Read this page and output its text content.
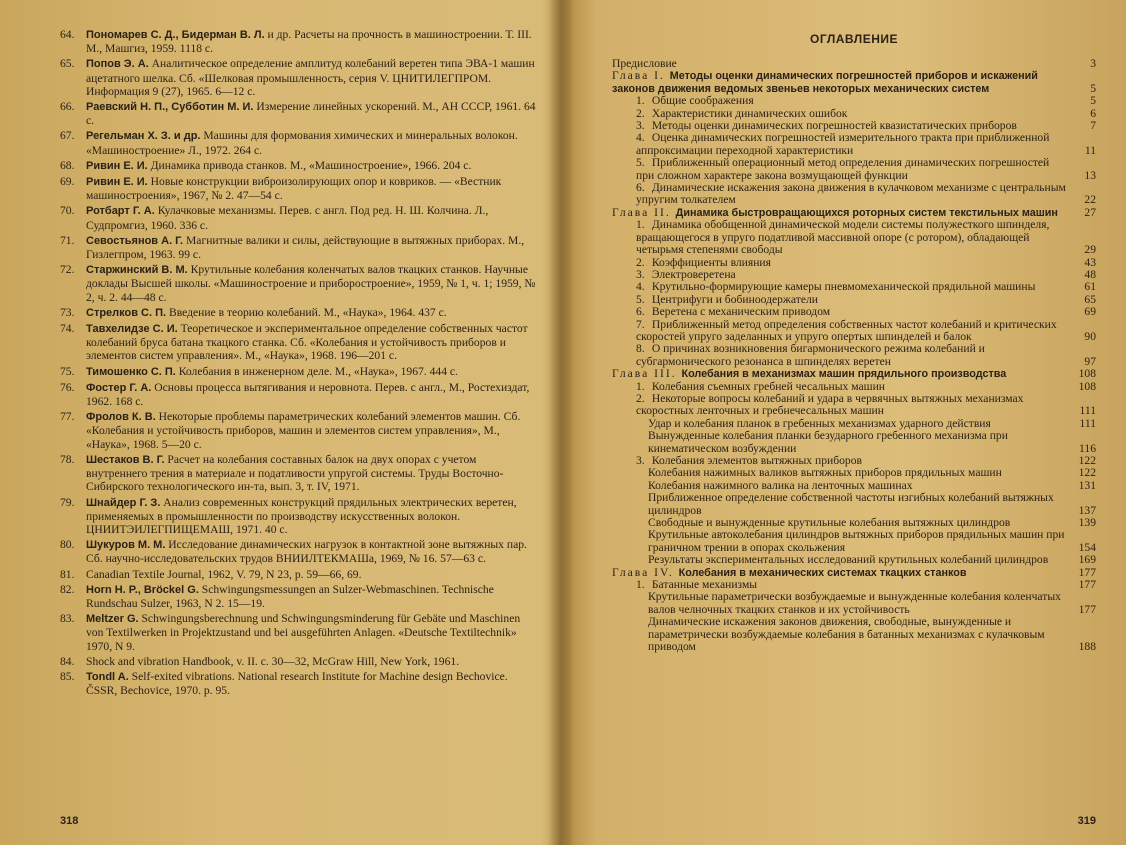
64. Пономарев С. Д., Бидерман В. Л. и др. Расчеты на прочность в машиностроении. Т. III. М., Машгиз, 1959. 1118 с.
65. Попов Э. А. Аналитическое определение амплитуд колебаний веретен типа ЭВА-1 машин ацетатного шелка. Сб. «Шелковая промышленность, серия V. ЦНИТИЛЕГПРОМ. Информация 9 (27), 1965. 6—12 с.
66. Раевский Н. П., Субботин М. И. Измерение линейных ускорений. М., АН СССР, 1961. 64 с.
67. Регельман Х. З. и др. Машины для формования химических и минеральных волокон. «Машиностроение» Л., 1972. 264 с.
68. Ривин Е. И. Динамика привода станков. М., «Машиностроение», 1966. 204 с.
69. Ривин Е. И. Новые конструкции виброизолирующих опор и ковриков. — «Вестник машиностроения», 1967, № 2. 47—54 с.
70. Ротбарт Г. А. Кулачковые механизмы. Перев. с англ. Под ред. Н. Ш. Колчина. Л., Судпромгиз, 1960. 336 с.
71. Севостьянов А. Г. Магнитные валики и силы, действующие в вытяжных приборах. М., Гизлегпром, 1963. 99 с.
72. Старжинский В. М. Крутильные колебания коленчатых валов ткацких станков. Научные доклады Высшей школы. «Машиностроение и приборостроение», 1959, № 1, ч. 1; 1959, № 2, ч. 2. 44—48 с.
73. Стрелков С. П. Введение в теорию колебаний. М., «Наука», 1964. 437 с.
74. Тавхелидзе С. И. Теоретическое и экспериментальное определение собственных частот колебаний бруса батана ткацкого станка. Сб. «Колебания и устойчивость приборов и элементов систем управления». М., «Наука», 1968. 196—201 с.
75. Тимошенко С. П. Колебания в инженерном деле. М., «Наука», 1967. 444 с.
76. Фостер Г. А. Основы процесса вытягивания и неровнота. Перев. с англ., М., Ростехиздат, 1962. 168 с.
77. Фролов К. В. Некоторые проблемы параметрических колебаний элементов машин. Сб. «Колебания и устойчивость приборов, машин и элементов систем управления», М., «Наука», 1968. 5—20 с.
78. Шестаков В. Г. Расчет на колебания составных балок на двух опорах с учетом внутреннего трения в материале и податливости упругой системы. Труды Восточно-Сибирского технологического ин-та, вып. 3, т. IV, 1971.
79. Шнайдер Г. З. Анализ современных конструкций прядильных электрических веретен, применяемых в промышленности по производству искусственных волокон. ЦНИИТЭИЛЕГПИЩЕМАШ, 1971. 40 с.
80. Шукуров М. М. Исследование динамических нагрузок в контактной зоне вытяжных пар. Сб. научно-исследовательских трудов ВНИИЛТЕКМАШа, 1969, № 16. 57—63 с.
81. Canadian Textile Journal, 1962, V. 79, N 23, p. 59—66, 69.
82. Horn H. P., Bröckel G. Schwingungsmessungen an Sulzer-Webmaschinen. Technische Rundschau Sulzer, 1963, N 2. 15—19.
83. Meltzer G. Schwingungsberechnung und Schwingungsminderung für Gebäte und Maschinen von Textilwerken in Projektzustand und bei ausgeführten Anlagen. «Deutsche Textiltechnik» 1970, N 9.
84. Shock and vibration Handbook, v. II. c. 30—32, McGraw Hill, New York, 1961.
85. Tondl A. Self-exited vibrations. National research Institute for Machine design Bechovice. ČSSR, Bechovice, 1970. p. 95.
318
ОГЛАВЛЕНИЕ
Предисловие	3
Глава I. Методы оценки динамических погрешностей приборов и искажений законов движения ведомых звеньев некоторых механических систем	5
1. Общие соображения	5
2. Характеристики динамических ошибок	6
3. Методы оценки динамических погрешностей квазистатических приборов	7
4. Оценка динамических погрешностей измерительного тракта при приближенной аппроксимации переходной характеристики	11
5. Приближенный операционный метод определения динамических погрешностей при сложном характере закона возмущающей функции	13
6. Динамические искажения закона движения в кулачковом механизме с центральным упругим толкателем	22
Глава II. Динамика быстровращающихся роторных систем текстильных машин	27
1. Динамика обобщенной динамической модели системы полужесткого шпинделя, вращающегося в упруго податливой массивной опоре (с ротором), обладающей четырьмя степенями свободы	29
2. Коэффициенты влияния	43
3. Электроверетена	48
4. Крутильно-формирующие камеры пневмомеханической прядильной машины	61
5. Центрифуги и бобиноодержатели	65
6. Веретена с механическим приводом	69
7. Приближенный метод определения собственных частот колебаний и критических скоростей упруго заделанных и упруго опертых шпинделей и балок	90
8. О причинах возникновения бигармонического режима колебаний и субгармонического резонанса в шпинделях веретен	97
Глава III. Колебания в механизмах машин прядильного производства	108
1. Колебания съемных гребней чесальных машин	108
2. Некоторые вопросы колебаний и удара в червячных вытяжных механизмах скоростных ленточных и гребнечесальных машин	111
Удар и колебания планок в гребенных механизмах ударного действия	111
Вынужденные колебания планки безударного гребенного механизма при кинематическом возбуждении	116
3. Колебания элементов вытяжных приборов	122
Колебания нажимных валиков вытяжных приборов прядильных машин	122
Колебания нажимного валика на ленточных машинах	131
Приближенное определение собственной частоты изгибных колебаний вытяжных цилиндров	137
Свободные и вынужденные крутильные колебания вытяжных цилиндров	139
Крутильные автоколебания цилиндров вытяжных приборов прядильных машин при граничном трении в опорах скольжения	154
Результаты экспериментальных исследований крутильных колебаний цилиндров	169
Глава IV. Колебания в механических системах ткацких станков	177
1. Батанные механизмы	177
Крутильные параметрически возбуждаемые и вынужденные колебания коленчатых валов челночных ткацких станков и их устойчивость	177
Динамические искажения законов движения, свободные, вынужденные и параметрически возбуждаемые колебания в батанных механизмах с кулачковым приводом	188
319
